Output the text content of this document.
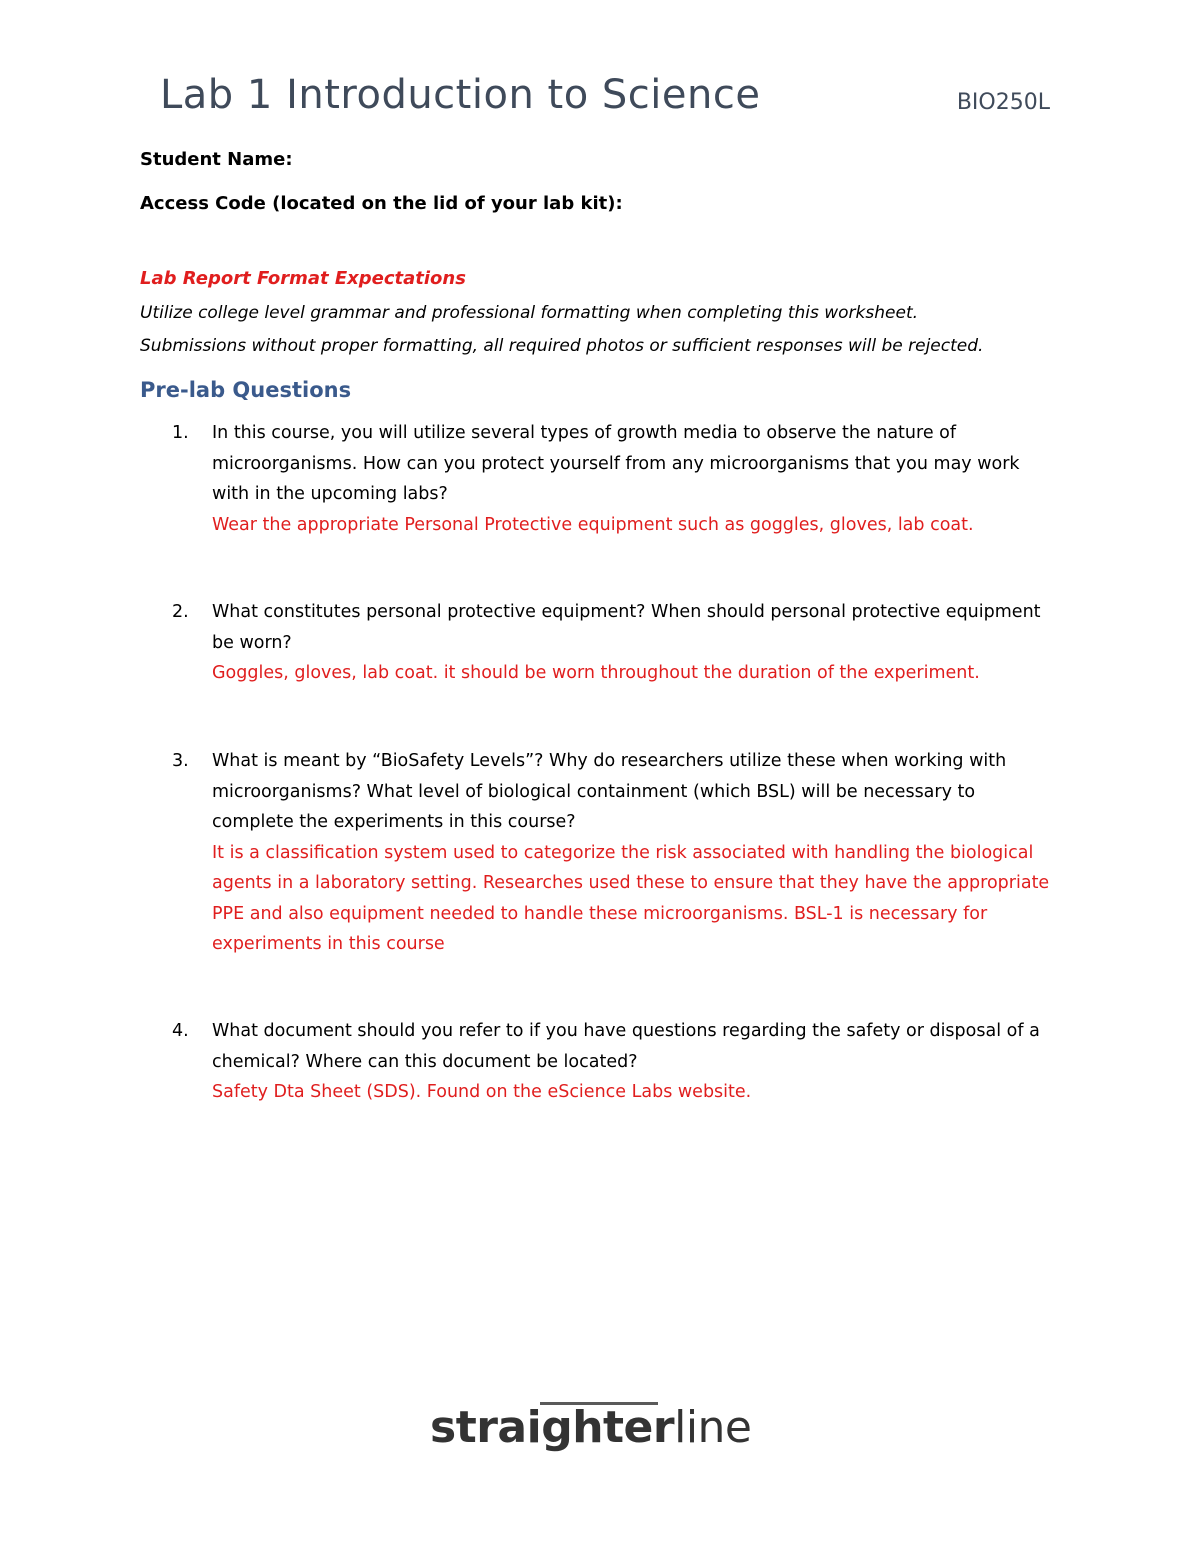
Lab 1 Introduction to Science	BIO250L
Student Name:
Access Code (located on the lid of your lab kit):
Lab Report Format Expectations
Utilize college level grammar and professional formatting when completing this worksheet.
Submissions without proper formatting, all required photos or sufficient responses will be rejected.
Pre-lab Questions
1.	In this course, you will utilize several types of growth media to observe the nature of microorganisms. How can you protect yourself from any microorganisms that you may work with in the upcoming labs?
Wear the appropriate Personal Protective equipment such as goggles, gloves, lab coat.
2.	What constitutes personal protective equipment? When should personal protective equipment be worn?
Goggles, gloves, lab coat. it should be worn throughout the duration of the experiment.
3.	What is meant by “BioSafety Levels”? Why do researchers utilize these when working with microorganisms? What level of biological containment (which BSL) will be necessary to complete the experiments in this course?
It is a classification system used to categorize the risk associated with handling the biological agents in a laboratory setting. Researches used these to ensure that they have the appropriate PPE and also equipment needed to handle these microorganisms. BSL-1 is necessary for experiments in this course
4.	What document should you refer to if you have questions regarding the safety or disposal of a chemical? Where can this document be located?
Safety Dta Sheet (SDS). Found on the eScience Labs website.
straighterline
